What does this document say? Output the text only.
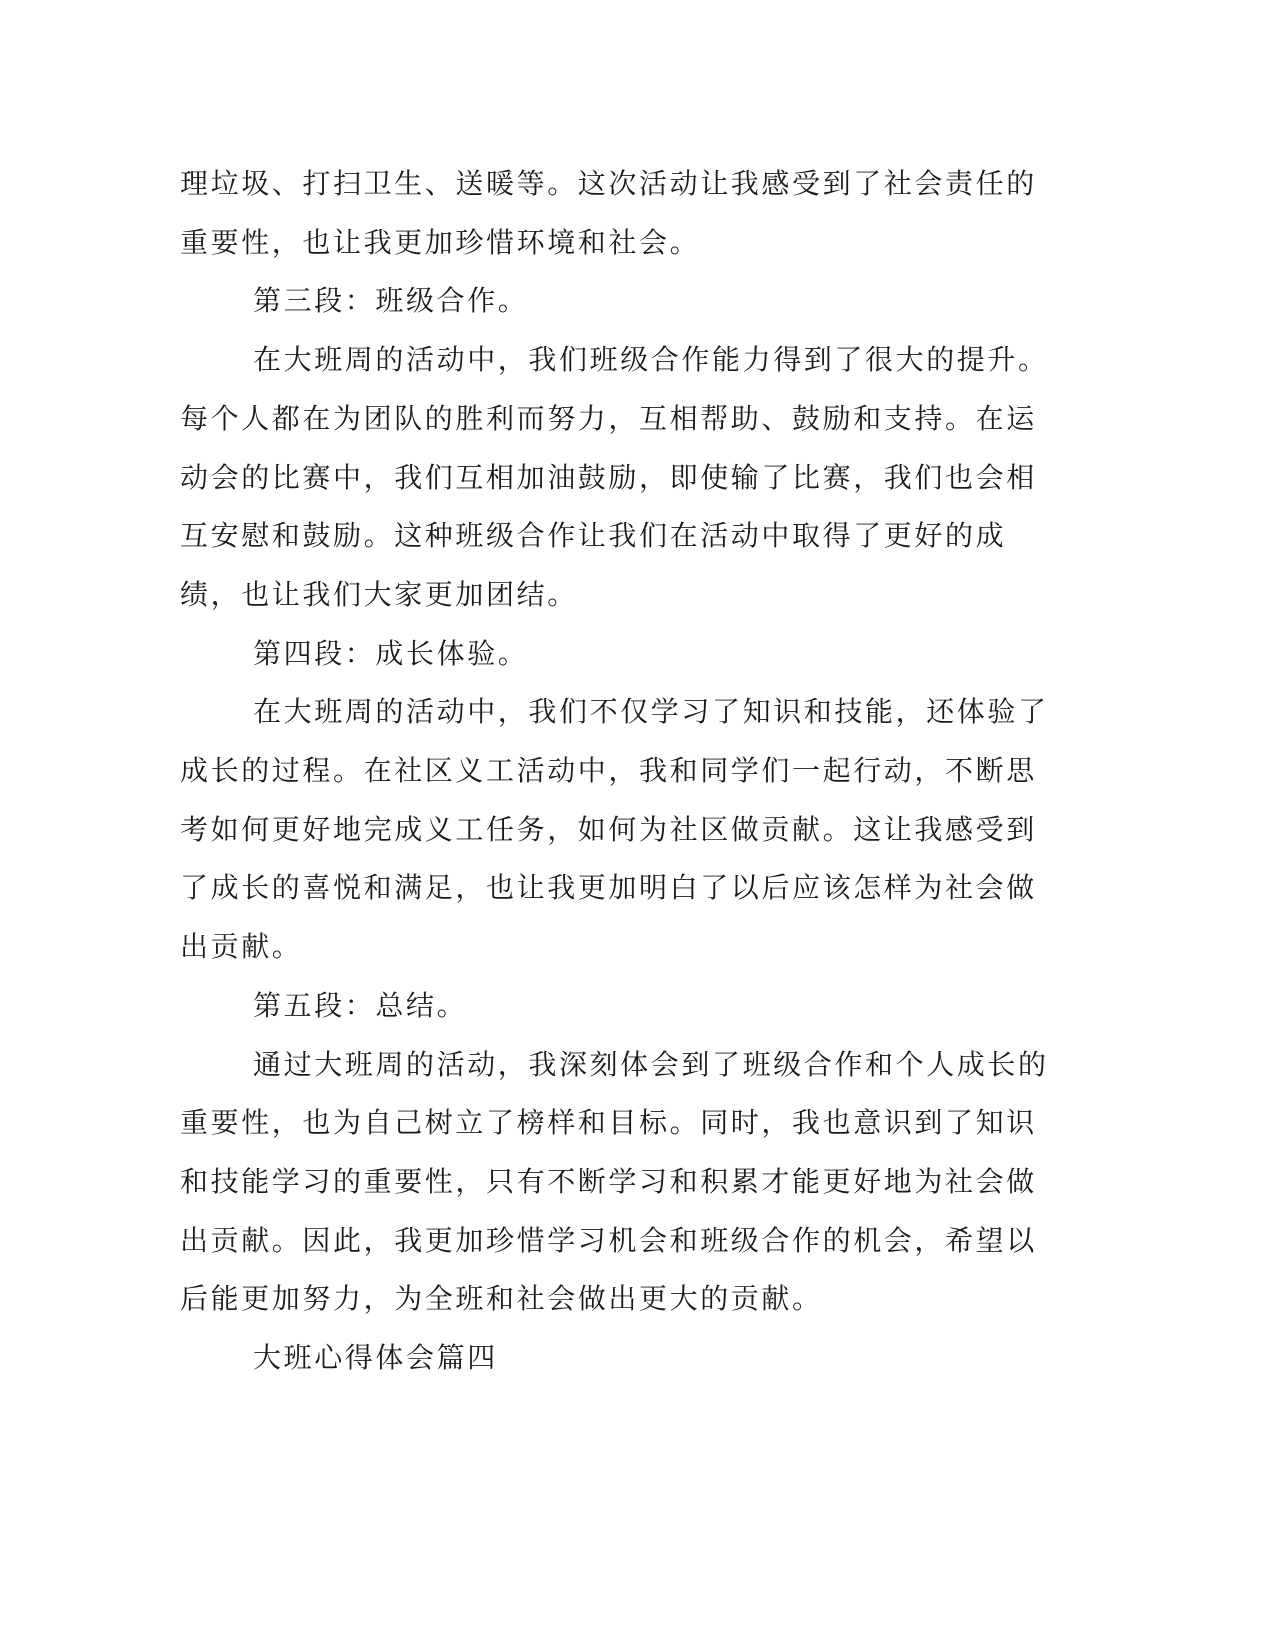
理垃圾、打扫卫生、送暖等。这次活动让我感受到了社会责任的重要性，也让我更加珍惜环境和社会。

第三段：班级合作。

在大班周的活动中，我们班级合作能力得到了很大的提升。每个人都在为团队的胜利而努力，互相帮助、鼓励和支持。在运动会的比赛中，我们互相加油鼓励，即使输了比赛，我们也会相互安慰和鼓励。这种班级合作让我们在活动中取得了更好的成绩，也让我们大家更加团结。

第四段：成长体验。

在大班周的活动中，我们不仅学习了知识和技能，还体验了成长的过程。在社区义工活动中，我和同学们一起行动，不断思考如何更好地完成义工任务，如何为社区做贡献。这让我感受到了成长的喜悦和满足，也让我更加明白了以后应该怎样为社会做出贡献。

第五段：总结。

通过大班周的活动，我深刻体会到了班级合作和个人成长的重要性，也为自己树立了榜样和目标。同时，我也意识到了知识和技能学习的重要性，只有不断学习和积累才能更好地为社会做出贡献。因此，我更加珍惜学习机会和班级合作的机会，希望以后能更加努力，为全班和社会做出更大的贡献。

大班心得体会篇四
